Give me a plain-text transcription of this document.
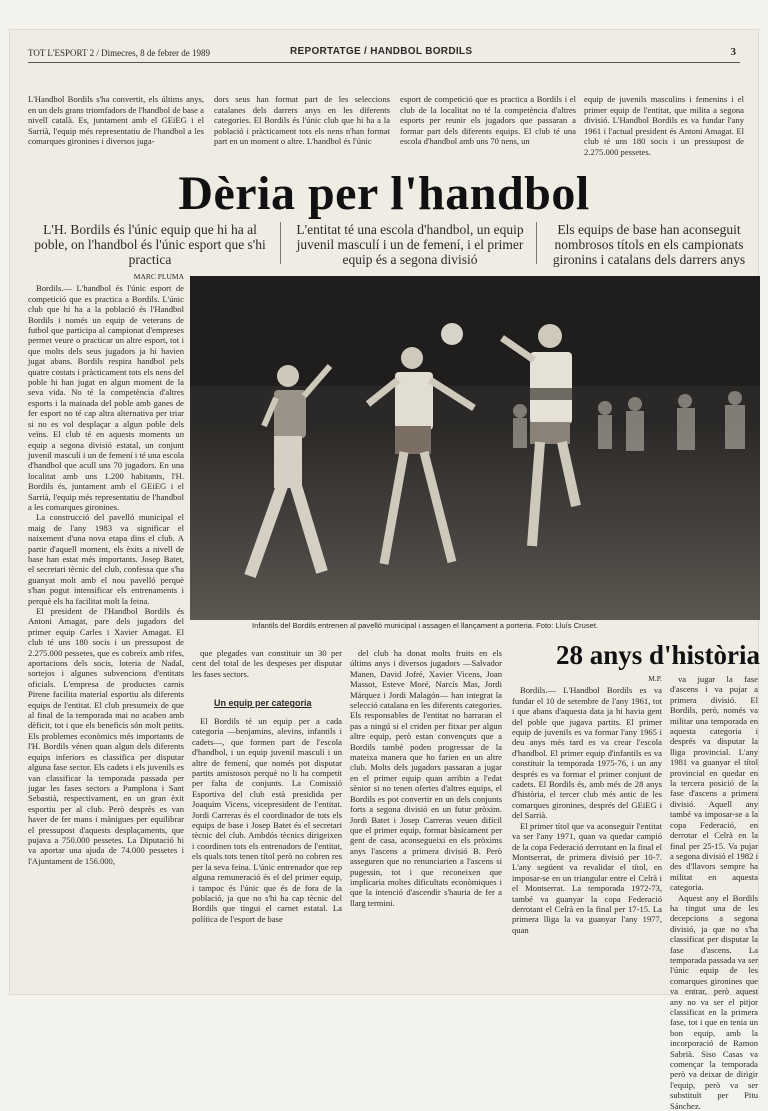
TOT L'ESPORT 2 / Dimecres, 8 de febrer de 1989	REPORTATGE / HANDBOL BORDILS	3
L'Handbol Bordils s'ha convertit, els últims anys, en un dels grans triomfadors de l'handbol de base a nivell català. Es, juntament amb el GEiEG i el Sarrià, l'equip més representatiu de l'handbol a les comarques gironines i diversos juga-
dors seus han format part de les seleccions catalanes dels darrers anys en les diferents categories. El Bordils és l'únic club que hi ha a la població i pràcticament tots els nens n'han format part en un moment o altre. L'handbol és l'únic
esport de competició que es practica a Bordils i el club de la localitat no té la competència d'altres esports per reunir els jugadors que passaran a formar part dels diferents equips. El club té una escola d'handbol amb uns 70 nens, un
equip de juvenils masculins i femenins i el primer equip de l'entitat, que milita a segona divisió. L'Handbol Bordils es va fundar l'any 1961 i l'actual president és Antoni Amagat. El club té uns 180 socis i un pressupost de 2.275.000 pessetes.
Dèria per l'handbol
L'H. Bordils és l'únic equip que hi ha al poble, on l'handbol és l'únic esport que s'hi practica
L'entitat té una escola d'handbol, un equip juvenil masculí i un de femení, i el primer equip és a segona divisió
Els equips de base han aconseguit nombrosos títols en els campionats gironins i catalans dels darrers anys
MARC PLUMA

Bordils.— L'handbol és l'únic esport de competició que es practica a Bordils. L'únic club que hi ha a la població és l'Handbol Bordils i només un equip de veterans de futbol que participa al campionat d'empreses permet veure o practicar un altre esport, tot i que molts dels seus jugadors ja hi havien jugat abans. Bordils respira handbol pels quatre costats i pràcticament tots els nens del poble hi han jugat en algun moment de la seva vida. No té la competència d'altres esports i la mainada del poble amb ganes de fer esport no té cap altra alternativa per triar si no es vol desplaçar a algun poble dels veïns. El club té en aquests moments un equip a segona divisió estatal, un conjunt juvenil masculí i un de femení i té una escola d'handbol que acull uns 70 jugadors. En una localitat amb uns 1.200 habitants, l'H. Bordils és, juntament amb el GEiEG i el Sarrià, l'equip més representatiu de l'handbol a les comarques gironines.

La construcció del pavelló municipal el maig de l'any 1983 va significar el naixement d'una nova etapa dins el club. A partir d'aquell moment, els èxits a nivell de base han estat més importants. Josep Batet, el secretari tècnic del club, confessa que s'ha guanyat molt amb el nou pavelló perquè s'han pogut intensificar els entrenaments i perquè els ha facilitat molt la feina.

El president de l'Handbol Bordils és Antoni Amagat, pare dels jugadors del primer equip Carles i Xavier Amagat. El club té uns 180 socis i un pressupost de 2.275.000 pessetes, que es cobreix amb rifes, aportacions dels socis, loteria de Nadal, sortejos i algunes subvencions d'entitats oficials. L'empresa de productes carnis Pirene facilita material esportiu als diferents equips de l'entitat. El club presumeix de que al final de la temporada mai no acaben amb dèficit, tot i que els beneficis són molt petits. Els problemes econòmics més importants de l'H. Bordils vénen quan algun dels diferents equips inferiors es classifica per disputar alguna fase sector. Els cadets i els juvenils es van classificar la temporada passada per jugar les fases sectors a Pamplona i Sant Sebastià, respectivament, en un gran èxit esportiu per al club. Però desprès es van haver de fer mans i mànigues per equilibrar el pressupost d'aquests desplaçaments, que pujava a 750.000 pessetes. La Diputació hi va aportar una ajuda de 74.000 pessetes i l'Ajuntament de 156.000,

Infantils del Bordils entrenen al pavelló municipal i assagen el llançament a porteria. Foto: Lluís Cruset.

que plegades van constituir un 30 per cent del total de les despeses per disputar les fases sectors.

Un equip per categoria

El Bordils té un equip per a cada categoria —benjamins, alevins, infantils i cadets—, que formen part de l'escola d'handbol, i un equip juvenil masculí i un altre de femení, que només pot disputar partits amistosos perquè no li ha competit per falta de conjunts. La Comissió Esportiva del club està presidida per Joaquim Vicens, vicepresident de l'entitat. Jordi Carreras és el coordinador de tots els equips de base i Josep Batet és el secretari tècnic del club. Ambdós tècnics dirigeixen i coordinen tots els entrenadors de l'entitat, els quals tots tenen títol però no cobren res per la seva feina. L'únic entrenador que rep alguna remuneració és el del primer equip, i tampoc és l'únic que és de fora de la població, ja que no s'hi ha cap tècnic del Bordils que tingui el carnet estatal. La política de l'esport de base

del club ha donat molts fruits en els últims anys i diversos jugadors —Salvador Manen, David Jofré, Xavier Vicens, Joan Massot, Esteve Moré, Narcís Mas, Jordi Márquez i Jordi Malagón— han integrat la selecció catalana en les diferents categories. Els responsables de l'entitat no barraran el pas a ningú si el criden per fitxar per algun altre equip, però estan convençuts que a Bordils també poden progressar de la mateixa manera que ho farien en un altre club. Molts dels jugadors passaran a jugar en el primer equip quan arribin a l'edat sènior si no tenen ofertes d'altres equips, el Bordils es pot convertir en un dels conjunts forts a segona divisió en un futur pròxim. Jordi Batet i Josep Carreras veuen difícil que el primer equip, format bàsicament per gent de casa, aconsegueixi en els pròxims anys l'ascens a primera divisió B. Però asseguren que no renunciarien a l'ascens si pugessin, tot i que reconeixen que implicaria moltes dificultats econòmiques i que la intenció d'ascendir s'hauria de fer a llarg termini.

28 anys d'història
M.P.

Bordils.— L'Handbol Bordils es va fundar el 10 de setembre de l'any 1961, tot i que abans d'aquesta data ja hi havia gent del poble que jugava partits. El primer equip de juvenils es va formar l'any 1965 i deu anys més tard es va crear l'escola d'handbol. El primer equip d'infantils es va constituir la temporada 1975-76, i un any després es va formar el primer conjunt de cadets. El Bordils és, amb més de 28 anys d'història, el tercer club més antic de les comarques gironines, després del GEiEG i del Sarrià.

El primer títol que va aconseguir l'entitat va ser l'any 1971, quan va quedar campió de la copa Federació derrotant en la final el Montserrat, de primera divisió per 10-7. L'any següent va revalidar el títol, en imposar-se en un triangular entre el Celrà i el Montserrat. La temporada 1972-73, també va guanyar la copa Federació derrotant el Celrà en la final per 17-15. La primera lliga la va guanyar l'any 1977, quan

va jugar la fase d'ascens i va pujar a primera divisió. El Bordils, però, només va militar una temporada en aquesta categoria i després va disputar la lliga provincial. L'any 1981 va guanyar el títol provincial en quedar en la tercera posició de la fase d'ascens a primera divisió. Aquell any també va imposar-se a la copa Federació, en derrotar el Celrà en la final per 25-15. Va pujar a segona divisió el 1982 i des d'llavors sempre ha militat en aquesta categoria.

Aquest any el Bordils ha tingut una de les decepcions a segona divisió, ja que no s'ha classificat per disputar la fase d'ascens. La temporada passada va ser l'únic equip de les comarques gironines que va entrar, però aquest any no va ser el pitjor classificat en la primera fase, tot i que en tenia un bon equip, amb la incorporació de Ramon Sabrià. Siso Casas va començar la temporada però va deixar de dirigir l'equip, però va ser substituït per Pitu Sánchez.
